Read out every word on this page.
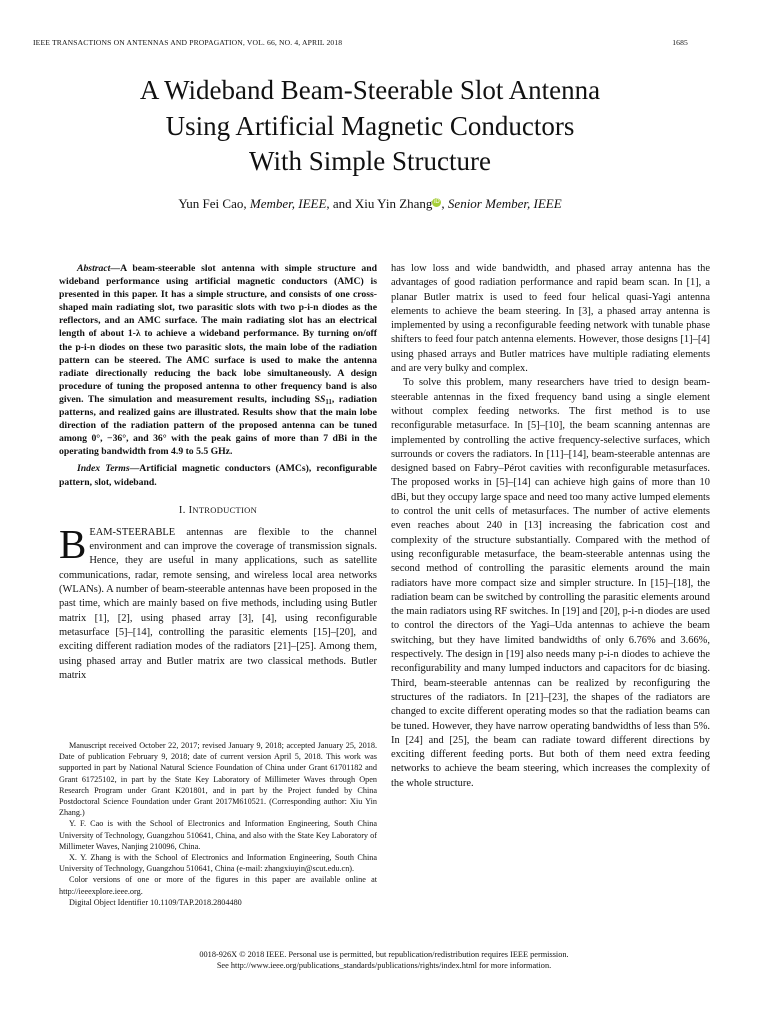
IEEE TRANSACTIONS ON ANTENNAS AND PROPAGATION, VOL. 66, NO. 4, APRIL 2018	1685
A Wideband Beam-Steerable Slot Antenna
Using Artificial Magnetic Conductors
With Simple Structure
Yun Fei Cao, Member, IEEE, and Xiu Yin Zhang iD , Senior Member, IEEE

Abstract—A beam-steerable slot antenna with simple structure and wideband performance using artificial magnetic conductors (AMC) is presented in this paper. It has a simple structure, and consists of one cross-shaped main radiating slot, two parasitic slots with two p-i-n diodes as the reflectors, and an AMC surface. The main radiating slot has an electrical length of about 1-λ to achieve a wideband performance. By turning on/off the p-i-n diodes on these two parasitic slots, the main lobe of the radiation pattern can be steered. The AMC surface is used to make the antenna radiate directionally reducing the back lobe simultaneously. A design procedure of tuning the proposed antenna to other frequency band is also given. The simulation and measurement results, including $SS_{11}$, radiation patterns, and realized gains are illustrated. Results show that the main lobe direction of the radiation pattern of the proposed antenna can be tuned among 0°, −36°, and 36° with the peak gains of more than 7 dBi in the operating bandwidth from 4.9 to 5.5 GHz.

Index Terms—Artificial magnetic conductors (AMCs), reconfigurable pattern, slot, wideband.

I. INTRODUCTION

BEAM-STEERABLE antennas are flexible to the channel environment and can improve the coverage of transmission signals. Hence, they are useful in many applications, such as satellite communications, radar, remote sensing, and wireless local area networks (WLANs). A number of beam-steerable antennas have been proposed in the past time, which are mainly based on five methods, including using Butler matrix [1], [2], using phased array [3], [4], using reconfigurable metasurface [5]–[14], controlling the parasitic elements [15]–[20], and exciting different radiation modes of the radiators [21]–[25]. Among them, using phased array and Butler matrix are two classical methods. Butler matrix

Manuscript received October 22, 2017; revised January 9, 2018; accepted January 25, 2018. Date of publication February 9, 2018; date of current version April 5, 2018. This work was supported in part by National Natural Science Foundation of China under Grant 61701182 and Grant 61725102, in part by the State Key Laboratory of Millimeter Waves through Open Research Program under Grant K201801, and in part by the Project funded by China Postdoctoral Science Foundation under Grant 2017M610521. (Corresponding author: Xiu Yin Zhang.)

Y. F. Cao is with the School of Electronics and Information Engineering, South China University of Technology, Guangzhou 510641, China, and also with the State Key Laboratory of Millimeter Waves, Nanjing 210096, China.

X. Y. Zhang is with the School of Electronics and Information Engineering, South China University of Technology, Guangzhou 510641, China (e-mail: zhangxiuyin@scut.edu.cn).

Color versions of one or more of the figures in this paper are available online at http://ieeexplore.ieee.org.

Digital Object Identifier 10.1109/TAP.2018.2804480

has low loss and wide bandwidth, and phased array antenna has the advantages of good radiation performance and rapid beam scan. In [1], a planar Butler matrix is used to feed four helical quasi-Yagi antenna elements to achieve the beam steering. In [3], a phased array antenna is implemented by using a reconfigurable feeding network with tunable phase shifters to feed four patch antenna elements. However, those designs [1]–[4] using phased arrays and Butler matrices have multiple radiating elements and are very bulky and complex.

To solve this problem, many researchers have tried to design beam-steerable antennas in the fixed frequency band using a single element without complex feeding networks. The first method is to use reconfigurable metasurface. In [5]–[10], the beam scanning antennas are implemented by controlling the active frequency-selective surfaces, which surrounds or covers the radiators. In [11]–[14], beam-steerable antennas are designed based on Fabry–Pérot cavities with reconfigurable metasurfaces. The proposed works in [5]–[14] can achieve high gains of more than 10 dBi, but they occupy large space and need too many active lumped elements to control the unit cells of metasurfaces. The number of active elements even reaches about 240 in [13] increasing the fabrication cost and complexity of the structure substantially. Compared with the method of using reconfigurable metasurface, the beam-steerable antennas using the second method of controlling the parasitic elements around the main radiators have more compact size and simpler structure. In [15]–[18], the radiation beam can be switched by controlling the parasitic elements around the main radiators using RF switches. In [19] and [20], p-i-n diodes are used to control the directors of the Yagi–Uda antennas to achieve the beam switching, but they have limited bandwidths of only 6.76% and 3.66%, respectively. The design in [19] also needs many p-i-n diodes to achieve the reconfigurability and many lumped inductors and capacitors for dc biasing. Third, beam-steerable antennas can be realized by reconfiguring the structures of the radiators. In [21]–[23], the shapes of the radiators are changed to excite different operating modes so that the radiation beams can be tuned. However, they have narrow operating bandwidths of less than 5%. In [24] and [25], the beam can radiate toward different directions by exciting different feeding ports. But both of them need extra feeding networks to achieve the beam steering, which increases the complexity of the whole structure.

0018-926X © 2018 IEEE. Personal use is permitted, but republication/redistribution requires IEEE permission.
See http://www.ieee.org/publications_standards/publications/rights/index.html for more information.
